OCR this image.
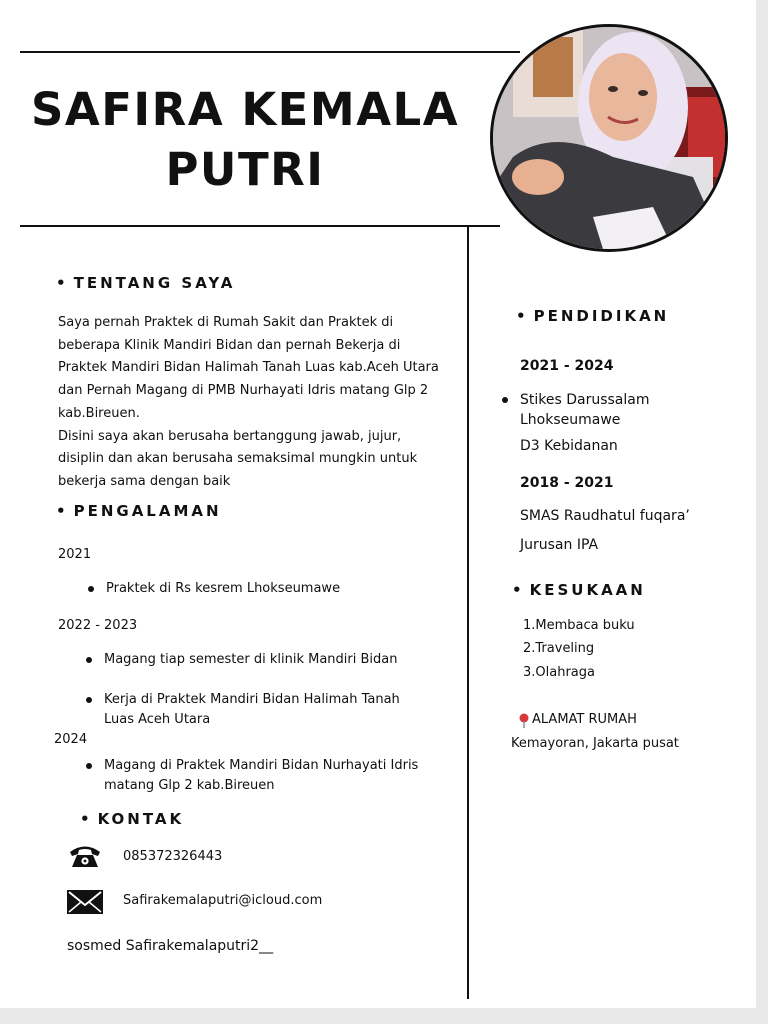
SAFIRA KEMALA
PUTRI
• TENTANG SAYA
Saya pernah Praktek di Rumah Sakit dan Praktek di beberapa Klinik Mandiri Bidan dan pernah Bekerja di Praktek Mandiri Bidan Halimah Tanah Luas kab.Aceh Utara dan Pernah Magang di PMB Nurhayati Idris matang Glp 2 kab.Bireuen.
Disini saya akan berusaha bertanggung jawab, jujur, disiplin dan akan berusaha semaksimal mungkin untuk bekerja sama dengan baik
• PENGALAMAN
2021
Praktek di Rs kesrem Lhokseumawe
2022 - 2023
Magang tiap semester di klinik Mandiri Bidan
Kerja di Praktek Mandiri Bidan Halimah Tanah Luas Aceh Utara
2024
Magang di Praktek Mandiri Bidan Nurhayati Idris matang Glp 2 kab.Bireuen
• KONTAK
085372326443
Safirakemalaputri@icloud.com
sosmed Safirakemalaputri2__
• PENDIDIKAN
2021 - 2024
Stikes Darussalam Lhokseumawe
D3 Kebidanan
2018 - 2021
SMAS Raudhatul fuqara’
Jurusan IPA
• KESUKAAN
1.Membaca buku
2.Traveling
3.Olahraga
ALAMAT RUMAH
Kemayoran, Jakarta pusat
